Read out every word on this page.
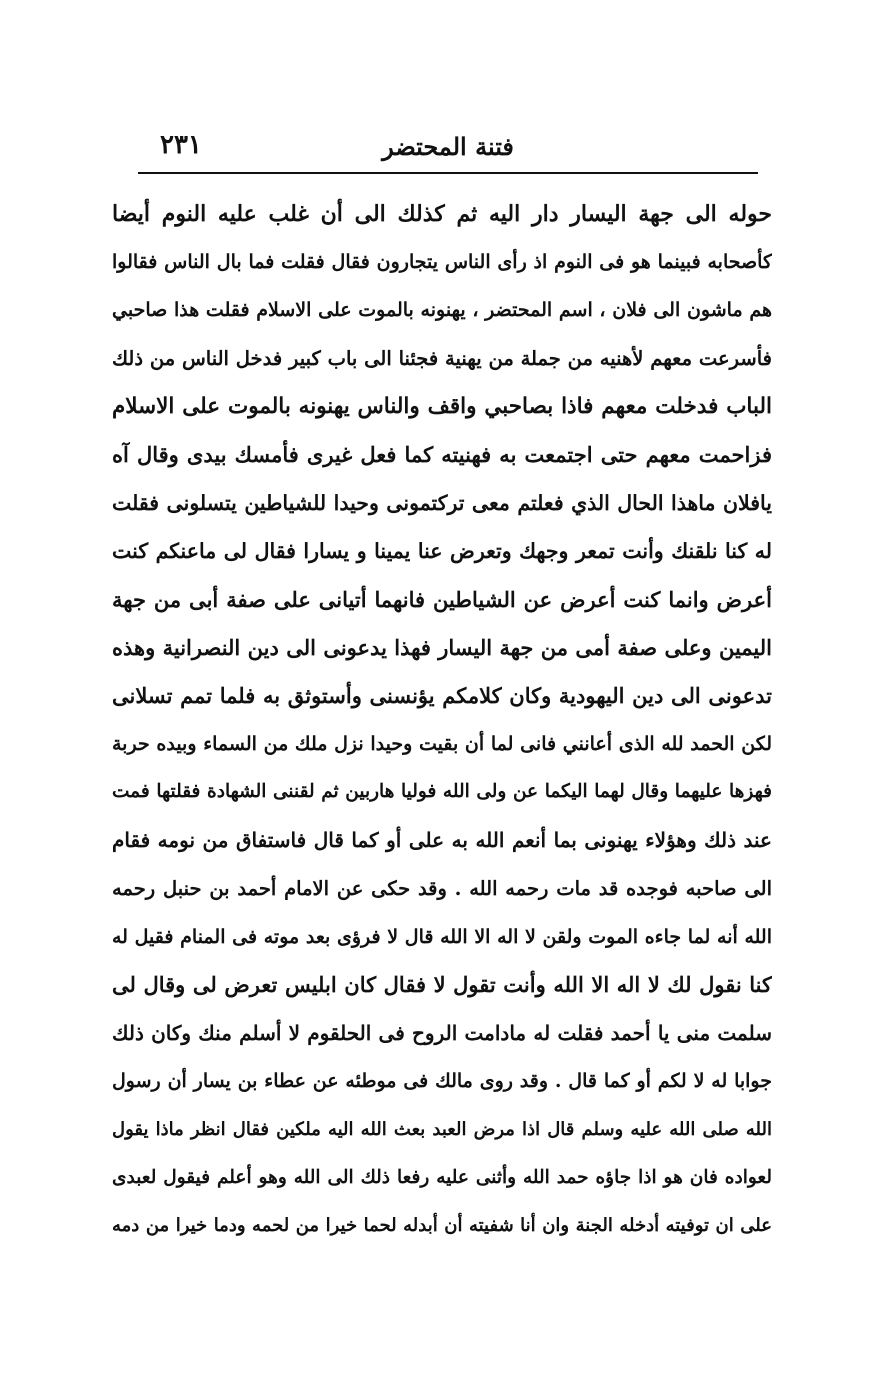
فتنة المحتضر
٢٣١
حوله الى جهة اليسار دار اليه ثم كذلك الى أن غلب عليه النوم أيضا
كأصحابه فبينما هو فى النوم اذ رأى الناس يتجارون فقال فقلت فما بال الناس فقالوا
هم ماشون الى فلان ، اسم المحتضر ، يهنونه بالموت على الاسلام فقلت هذا صاحبي
فأسرعت معهم لأهنيه من جملة من يهنية فجئنا الى باب كبير فدخل الناس من ذلك
الباب فدخلت معهم فاذا بصاحبي واقف والناس يهنونه بالموت على الاسلام
فزاحمت معهم حتى اجتمعت به فهنيته كما فعل غيرى فأمسك بيدى وقال آه
يافلان ماهذا الحال الذي فعلتم معى تركتمونى وحيدا للشياطين يتسلونى فقلت
له كنا نلقنك وأنت تمعر وجهك وتعرض عنا يمينا و يسارا فقال لى ماعنكم كنت
أعرض وانما كنت أعرض عن الشياطين فانهما أتيانى على صفة أبى من جهة
اليمين وعلى صفة أمى من جهة اليسار فهذا يدعونى الى دين النصرانية وهذه
تدعونى الى دين اليهودية وكان كلامكم يؤنسنى وأستوثق به فلما تمم تسلانى
لكن الحمد لله الذى أعانني فانى لما أن بقيت وحيدا نزل ملك من السماء وبيده حربة
فهزها عليهما وقال لهما اليكما عن ولى الله فوليا هاربين ثم لقننى الشهادة فقلتها فمت
عند ذلك وهؤلاء يهنونى بما أنعم الله به على أو كما قال فاستفاق من نومه فقام
الى صاحبه فوجده قد مات رحمه الله . وقد حكى عن الامام أحمد بن حنبل رحمه
الله أنه لما جاءه الموت ولقن لا اله الا الله قال لا فرؤى بعد موته فى المنام فقيل له
كنا نقول لك لا اله الا الله وأنت تقول لا فقال كان ابليس تعرض لى وقال لى
سلمت منى يا أحمد فقلت له مادامت الروح فى الحلقوم لا أسلم منك وكان ذلك
جوابا له لا لكم أو كما قال . وقد روى مالك فى موطئه عن عطاء بن يسار أن رسول
الله صلى الله عليه وسلم قال اذا مرض العبد بعث الله اليه ملكين فقال انظر ماذا يقول
لعواده فان هو اذا جاؤه حمد الله وأثنى عليه رفعا ذلك الى الله وهو أعلم فيقول لعبدى
على ان توفيته أدخله الجنة وان أنا شفيته أن أبدله لحما خيرا من لحمه ودما خيرا من دمه
